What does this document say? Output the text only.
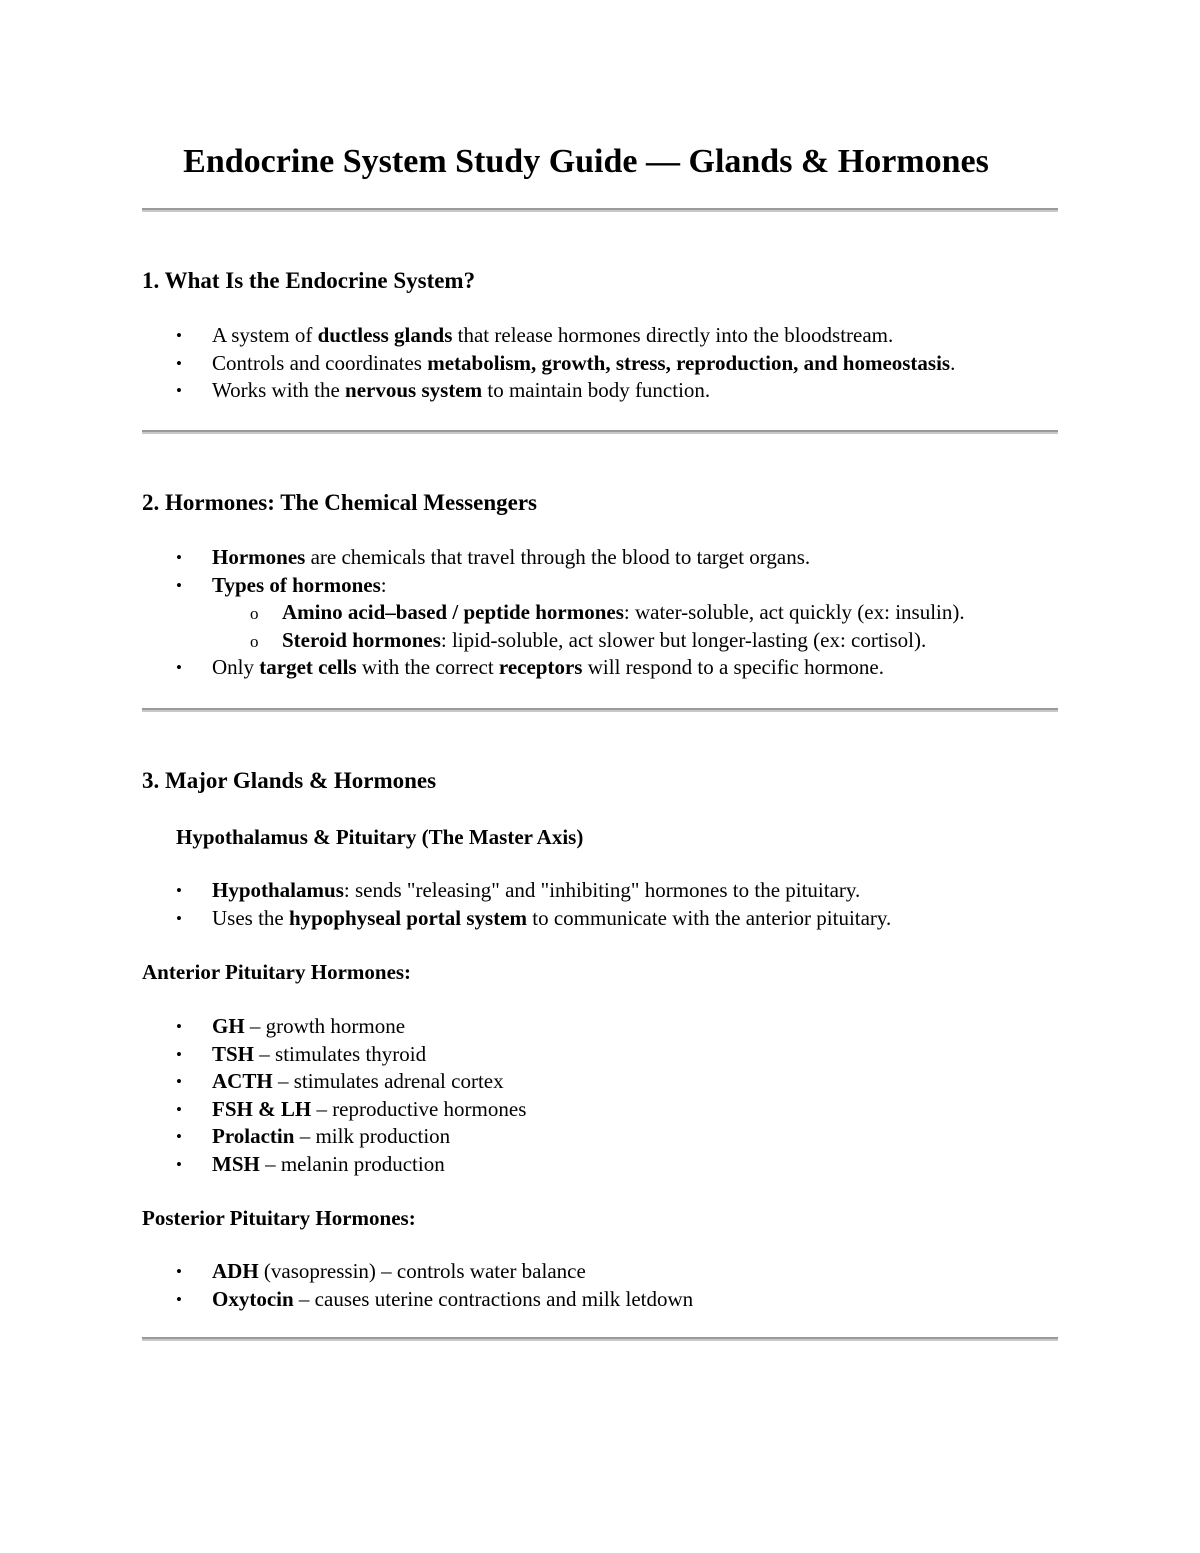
Endocrine System Study Guide — Glands & Hormones
1. What Is the Endocrine System?
• A system of ductless glands that release hormones directly into the bloodstream.
• Controls and coordinates metabolism, growth, stress, reproduction, and homeostasis.
• Works with the nervous system to maintain body function.
2. Hormones: The Chemical Messengers
• Hormones are chemicals that travel through the blood to target organs.
• Types of hormones:
o Amino acid–based / peptide hormones: water-soluble, act quickly (ex: insulin).
o Steroid hormones: lipid-soluble, act slower but longer-lasting (ex: cortisol).
• Only target cells with the correct receptors will respond to a specific hormone.
3. Major Glands & Hormones
Hypothalamus & Pituitary (The Master Axis)
• Hypothalamus: sends "releasing" and "inhibiting" hormones to the pituitary.
• Uses the hypophyseal portal system to communicate with the anterior pituitary.
Anterior Pituitary Hormones:
• GH – growth hormone
• TSH – stimulates thyroid
• ACTH – stimulates adrenal cortex
• FSH & LH – reproductive hormones
• Prolactin – milk production
• MSH – melanin production
Posterior Pituitary Hormones:
• ADH (vasopressin) – controls water balance
• Oxytocin – causes uterine contractions and milk letdown
